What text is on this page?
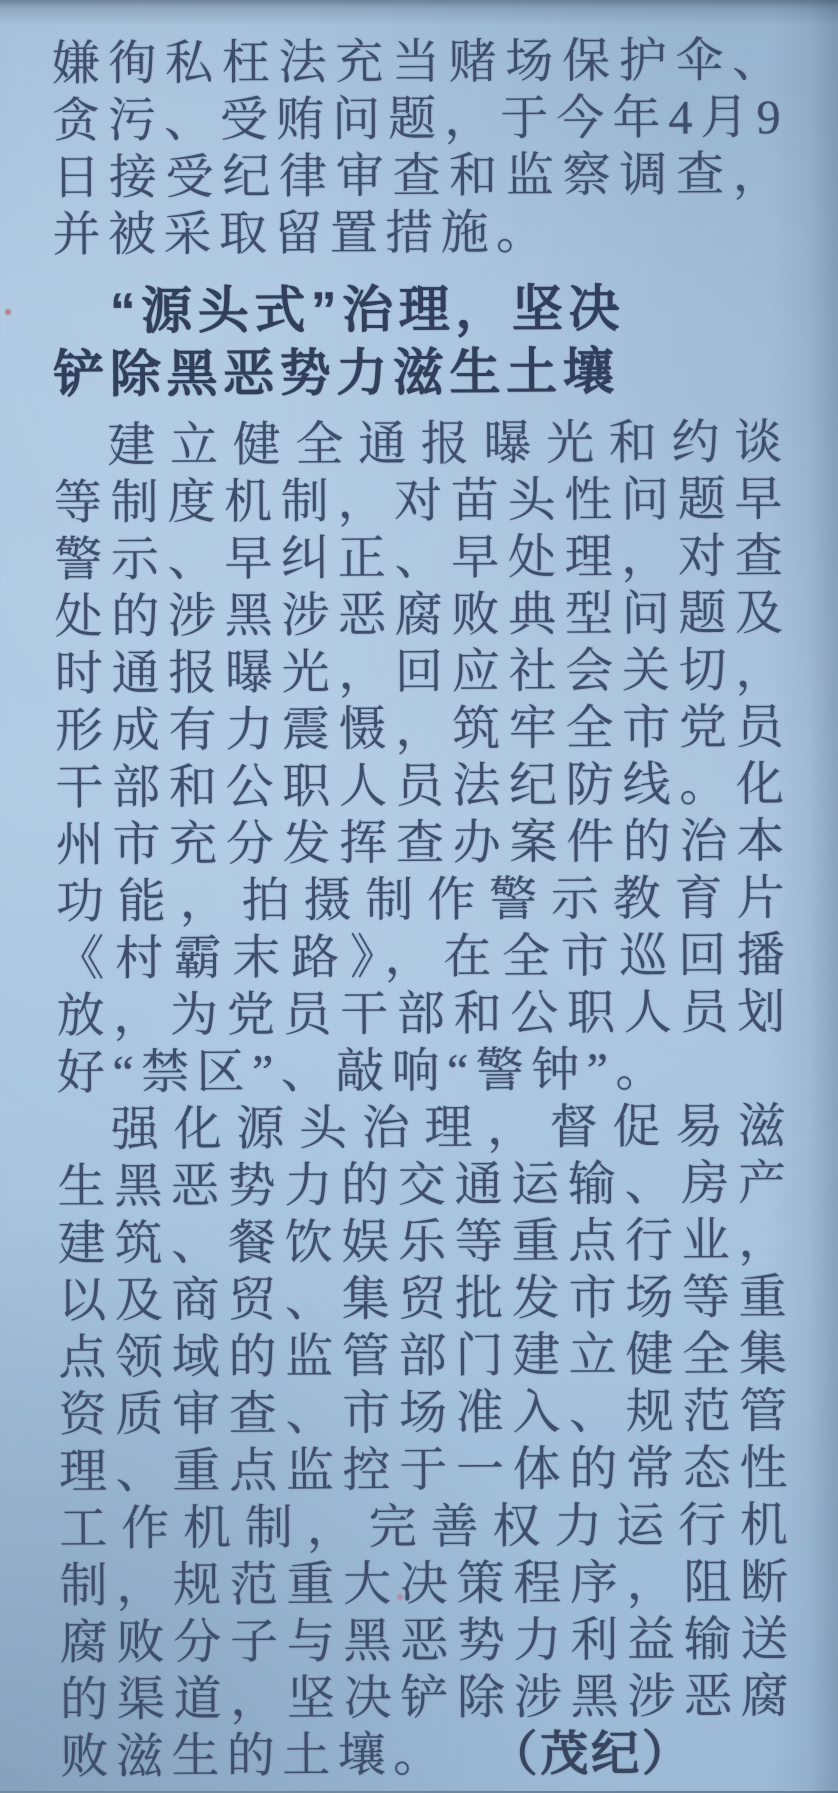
嫌徇私枉法充当赌场保护伞、
贪污、受贿问题，于今年4月9
日接受纪律审查和监察调查，
并被采取留置措施。
“源头式”治理，坚决
铲除黑恶势力滋生土壤
建立健全通报曝光和约谈
等制度机制，对苗头性问题早
警示、早纠正、早处理，对查
处的涉黑涉恶腐败典型问题及
时通报曝光，回应社会关切，
形成有力震慑，筑牢全市党员
干部和公职人员法纪防线。化
州市充分发挥查办案件的治本
功能，拍摄制作警示教育片
《村霸末路》，在全市巡回播
放，为党员干部和公职人员划
好“禁区”、敲响“警钟”。
强化源头治理，督促易滋
生黑恶势力的交通运输、房产
建筑、餐饮娱乐等重点行业，
以及商贸、集贸批发市场等重
点领域的监管部门建立健全集
资质审查、市场准入、规范管
理、重点监控于一体的常态性
工作机制，完善权力运行机
制，规范重大决策程序，阻断
腐败分子与黑恶势力利益输送
的渠道，坚决铲除涉黑涉恶腐
败滋生的土壤。 （茂纪）
